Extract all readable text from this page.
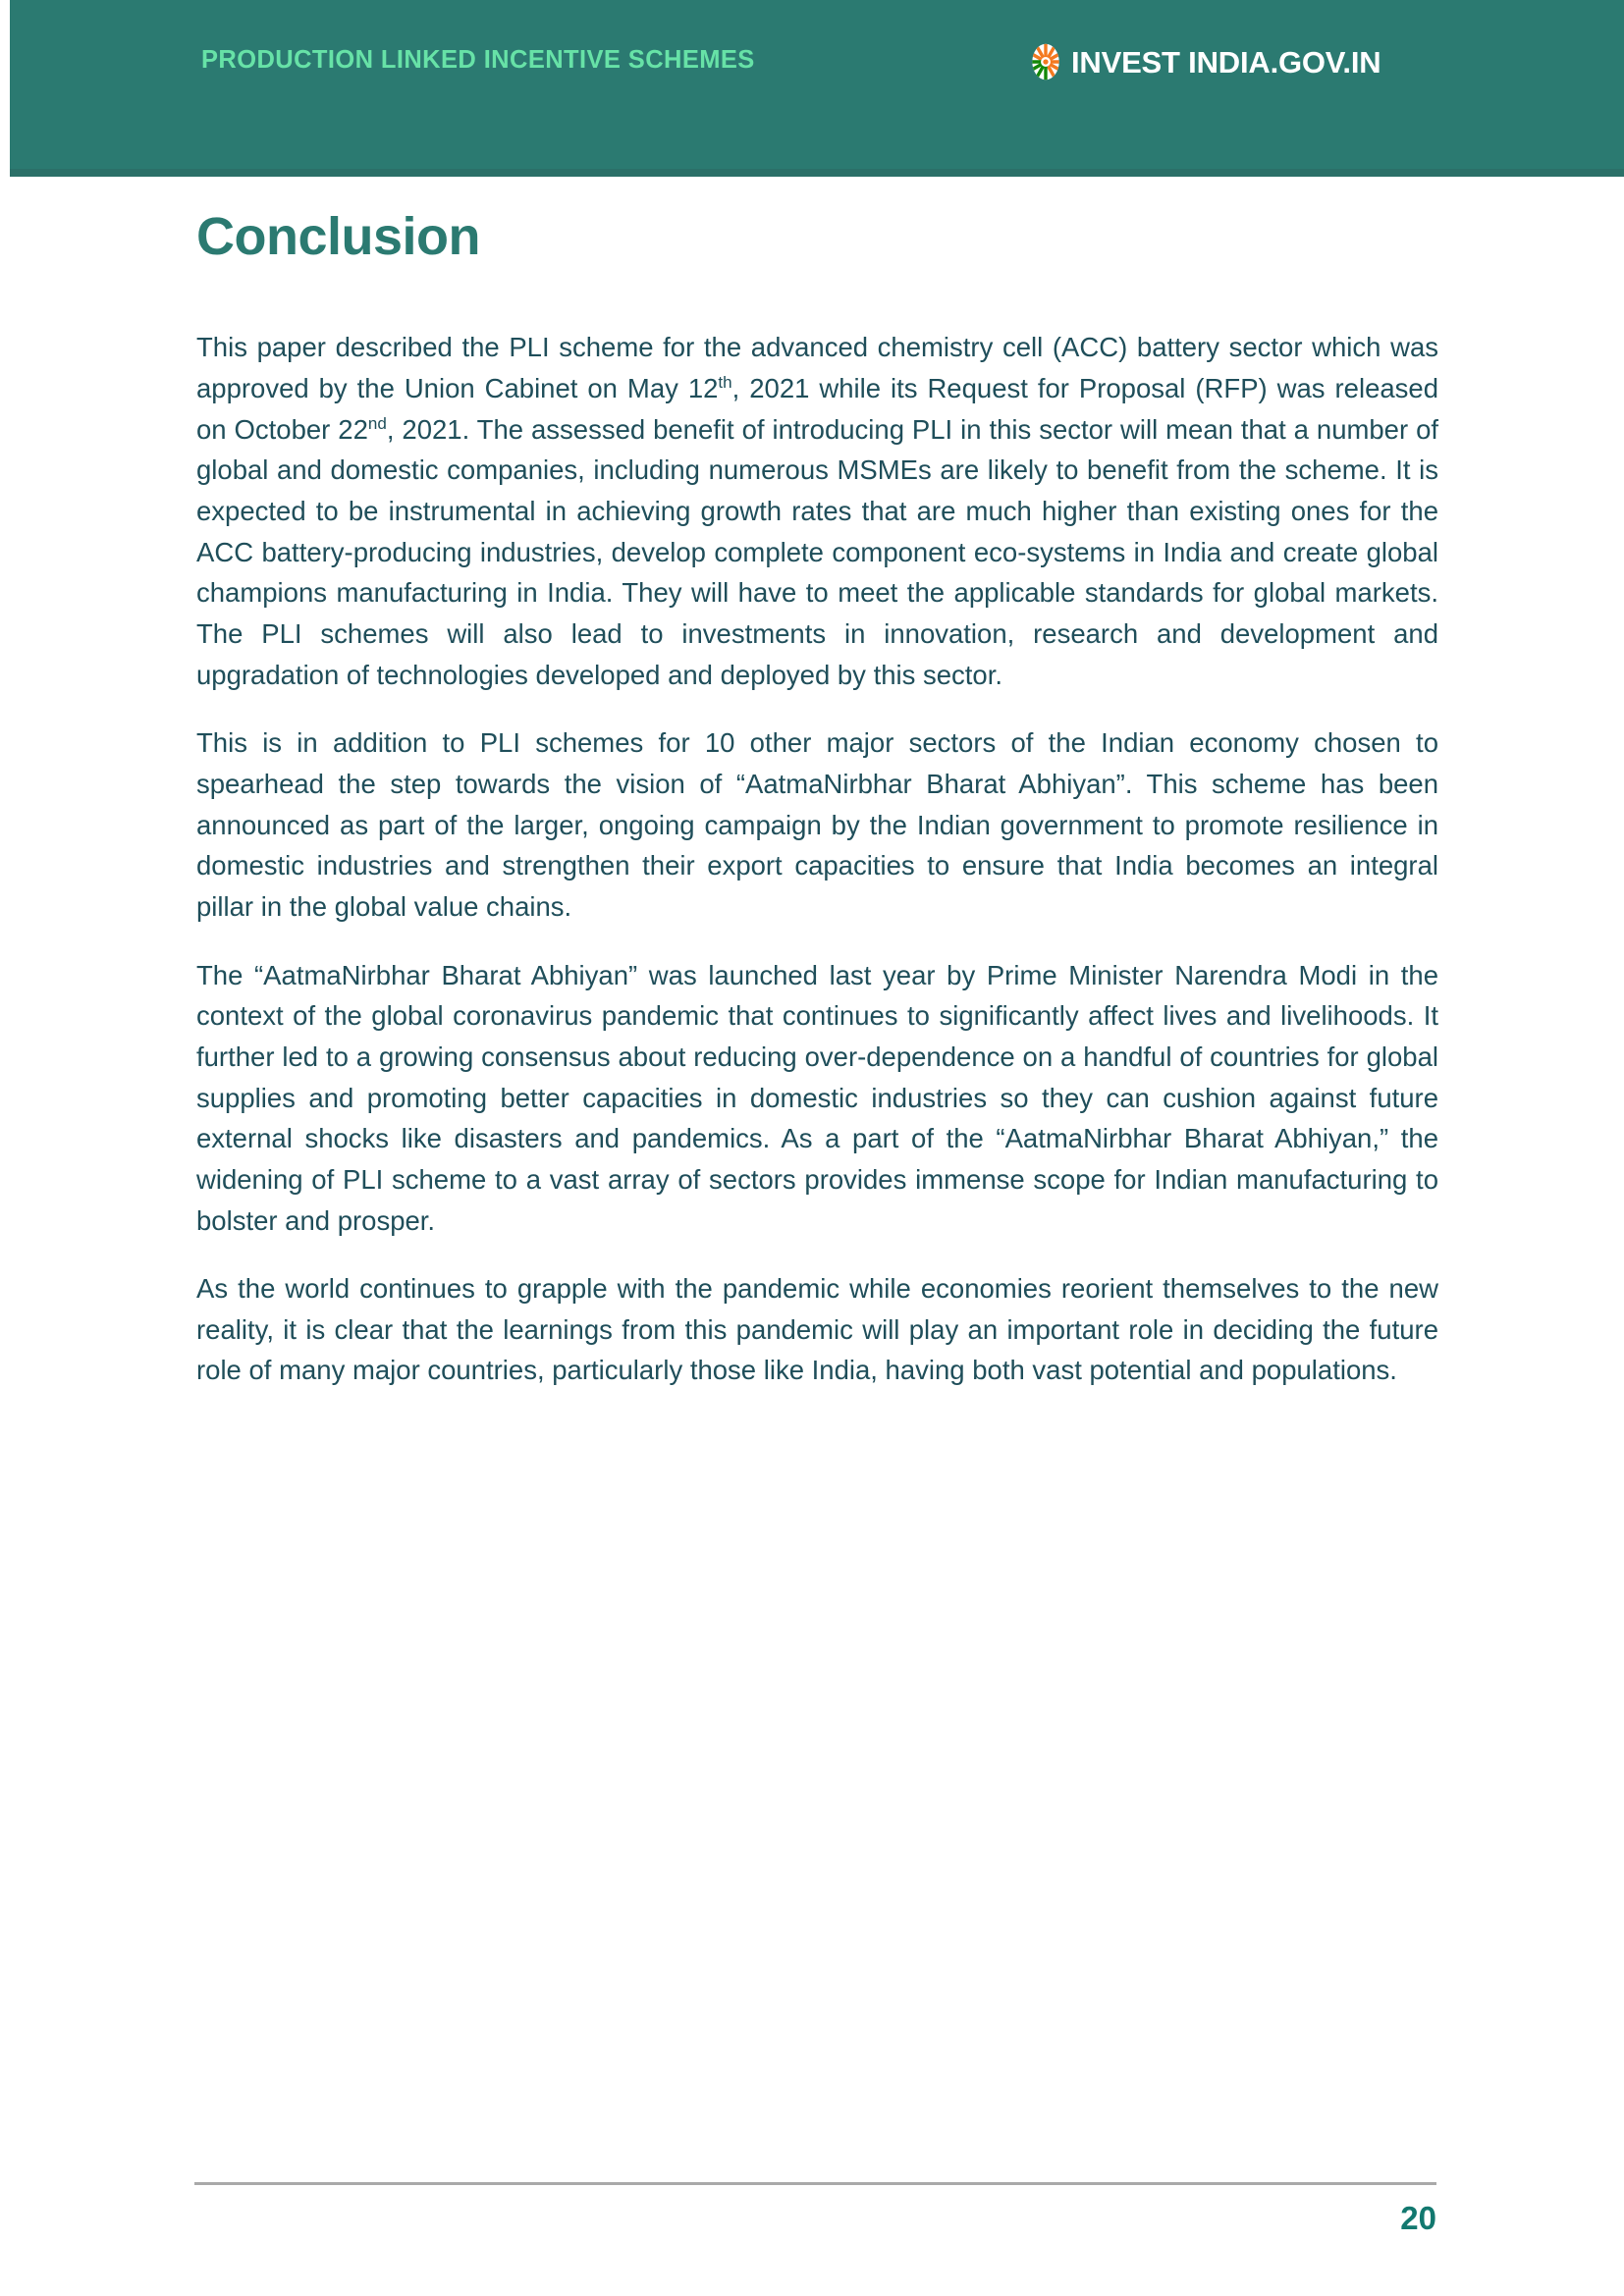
PRODUCTION LINKED INCENTIVE SCHEMES	INVEST INDIA.GOV.IN
Conclusion

This paper described the PLI scheme for the advanced chemistry cell (ACC) battery sector which was approved by the Union Cabinet on May 12th, 2021 while its Request for Proposal (RFP) was released on October 22nd, 2021. The assessed benefit of introducing PLI in this sector will mean that a number of global and domestic companies, including numerous MSMEs are likely to benefit from the scheme. It is expected to be instrumental in achieving growth rates that are much higher than existing ones for the ACC battery-producing industries, develop complete component eco-systems in India and create global champions manufacturing in India. They will have to meet the applicable standards for global markets. The PLI schemes will also lead to investments in innovation, research and development and upgradation of technologies developed and deployed by this sector.

This is in addition to PLI schemes for 10 other major sectors of the Indian economy chosen to spearhead the step towards the vision of “AatmaNirbhar Bharat Abhiyan”. This scheme has been announced as part of the larger, ongoing campaign by the Indian government to promote resilience in domestic industries and strengthen their export capacities to ensure that India becomes an integral pillar in the global value chains.

The “AatmaNirbhar Bharat Abhiyan” was launched last year by Prime Minister Narendra Modi in the context of the global coronavirus pandemic that continues to significantly affect lives and livelihoods. It further led to a growing consensus about reducing over-dependence on a handful of countries for global supplies and promoting better capacities in domestic industries so they can cushion against future external shocks like disasters and pandemics. As a part of the “AatmaNirbhar Bharat Abhiyan,” the widening of PLI scheme to a vast array of sectors provides immense scope for Indian manufacturing to bolster and prosper.

As the world continues to grapple with the pandemic while economies reorient themselves to the new reality, it is clear that the learnings from this pandemic will play an important role in deciding the future role of many major countries, particularly those like India, having both vast potential and populations.

20
